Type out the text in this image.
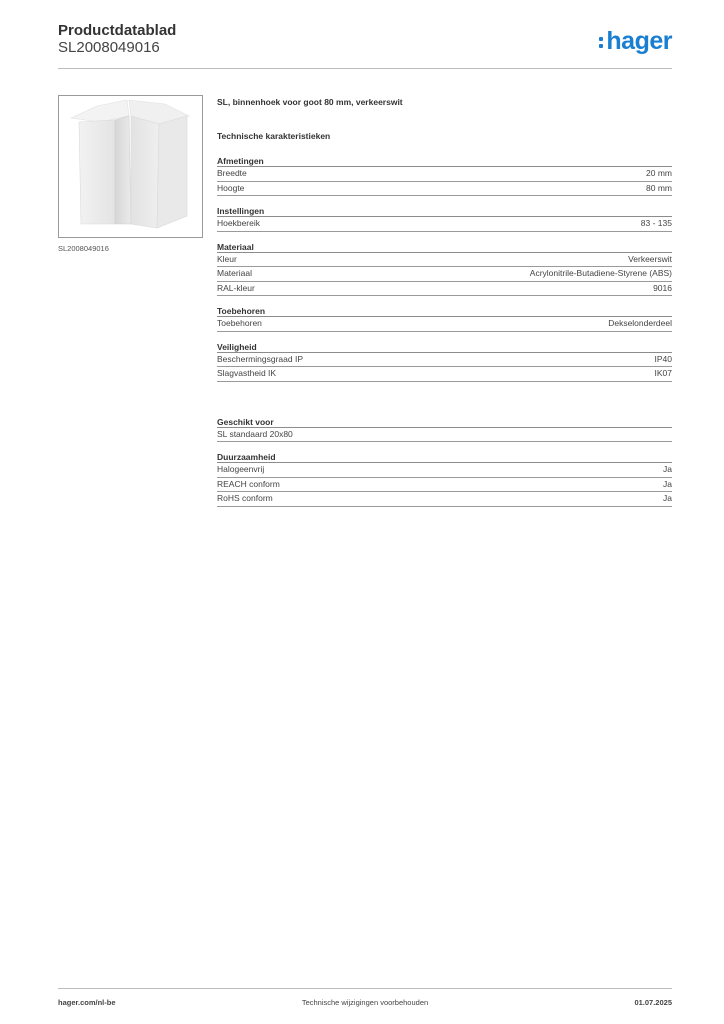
Productdatablad
SL2008049016	hager
SL2008049016
SL, binnenhoek voor goot 80 mm, verkeerswit
Technische karakteristieken
Afmetingen
Breedte	20 mm
Hoogte	80 mm
Instellingen
Hoekbereik	83 - 135
Materiaal
Kleur	Verkeerswit
Materiaal	Acrylonitrile-Butadiene-Styrene (ABS)
RAL-kleur	9016
Toebehoren
Toebehoren	Dekselonderdeel
Veiligheid
Beschermingsgraad IP	IP40
Slagvastheid IK	IK07
Geschikt voor
SL standaard 20x80
Duurzaamheid
Halogeenvrij	Ja
REACH conform	Ja
RoHS conform	Ja
hager.com/nl-be	Technische wijzigingen voorbehouden	01.07.2025
